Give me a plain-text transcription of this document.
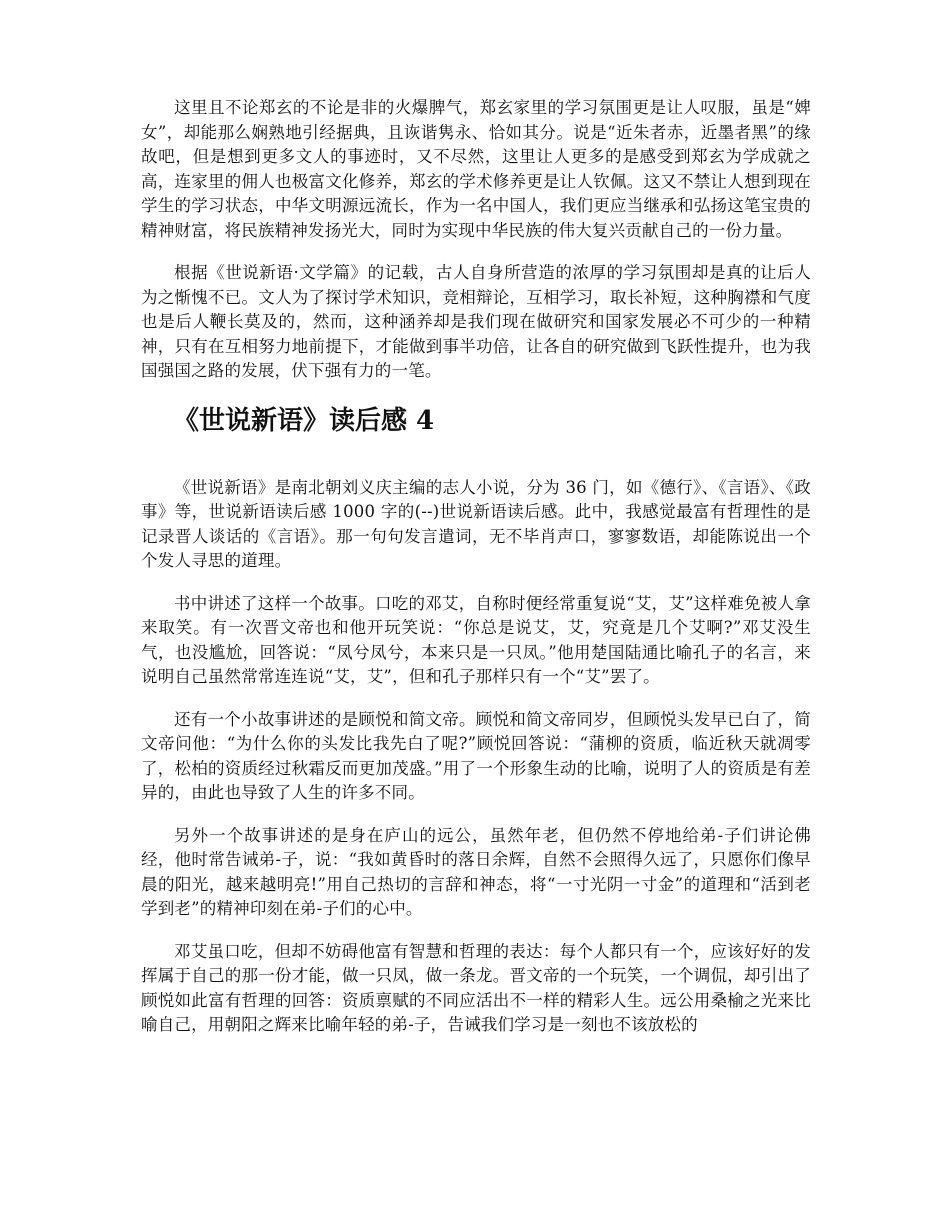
这里且不论郑玄的不论是非的火爆脾气，郑玄家里的学习氛围更是让人叹服，虽是“婢女”，却能那么娴熟地引经据典，且诙谐隽永、恰如其分。说是“近朱者赤，近墨者黑”的缘故吧，但是想到更多文人的事迹时，又不尽然，这里让人更多的是感受到郑玄为学成就之高，连家里的佣人也极富文化修养，郑玄的学术修养更是让人钦佩。这又不禁让人想到现在学生的学习状态，中华文明源远流长，作为一名中国人，我们更应当继承和弘扬这笔宝贵的精神财富，将民族精神发扬光大，同时为实现中华民族的伟大复兴贡献自己的一份力量。

根据《世说新语·文学篇》的记载，古人自身所营造的浓厚的学习氛围却是真的让后人为之惭愧不已。文人为了探讨学术知识，竞相辩论，互相学习，取长补短，这种胸襟和气度也是后人鞭长莫及的，然而，这种涵养却是我们现在做研究和国家发展必不可少的一种精神，只有在互相努力地前提下，才能做到事半功倍，让各自的研究做到飞跃性提升，也为我国强国之路的发展，伏下强有力的一笔。

《世说新语》读后感 4

《世说新语》是南北朝刘义庆主编的志人小说，分为 36 门，如《德行》、《言语》、《政事》等，世说新语读后感 1000 字的(--)世说新语读后感。此中，我感觉最富有哲理性的是记录晋人谈话的《言语》。那一句句发言遣词，无不毕肖声口，寥寥数语，却能陈说出一个个发人寻思的道理。

书中讲述了这样一个故事。口吃的邓艾，自称时便经常重复说“艾，艾”这样难免被人拿来取笑。有一次晋文帝也和他开玩笑说：“你总是说艾，艾，究竟是几个艾啊?”邓艾没生气，也没尴尬，回答说：“凤兮凤兮，本来只是一只凤。”他用楚国陆通比喻孔子的名言，来说明自己虽然常常连连说“艾，艾”，但和孔子那样只有一个“艾”罢了。

还有一个小故事讲述的是顾悦和简文帝。顾悦和简文帝同岁，但顾悦头发早已白了，简文帝问他：“为什么你的头发比我先白了呢?”顾悦回答说：“蒲柳的资质，临近秋天就凋零了，松柏的资质经过秋霜反而更加茂盛。”用了一个形象生动的比喻，说明了人的资质是有差异的，由此也导致了人生的许多不同。

另外一个故事讲述的是身在庐山的远公，虽然年老，但仍然不停地给弟-子们讲论佛经，他时常告诫弟-子，说：“我如黄昏时的落日余辉，自然不会照得久远了，只愿你们像早晨的阳光，越来越明亮!”用自己热切的言辞和神态，将“一寸光阴一寸金”的道理和“活到老学到老”的精神印刻在弟-子们的心中。

邓艾虽口吃，但却不妨碍他富有智慧和哲理的表达：每个人都只有一个，应该好好的发挥属于自己的那一份才能，做一只凤，做一条龙。晋文帝的一个玩笑，一个调侃，却引出了顾悦如此富有哲理的回答：资质禀赋的不同应活出不一样的精彩人生。远公用桑榆之光来比喻自己，用朝阳之辉来比喻年轻的弟-子，告诫我们学习是一刻也不该放松的
